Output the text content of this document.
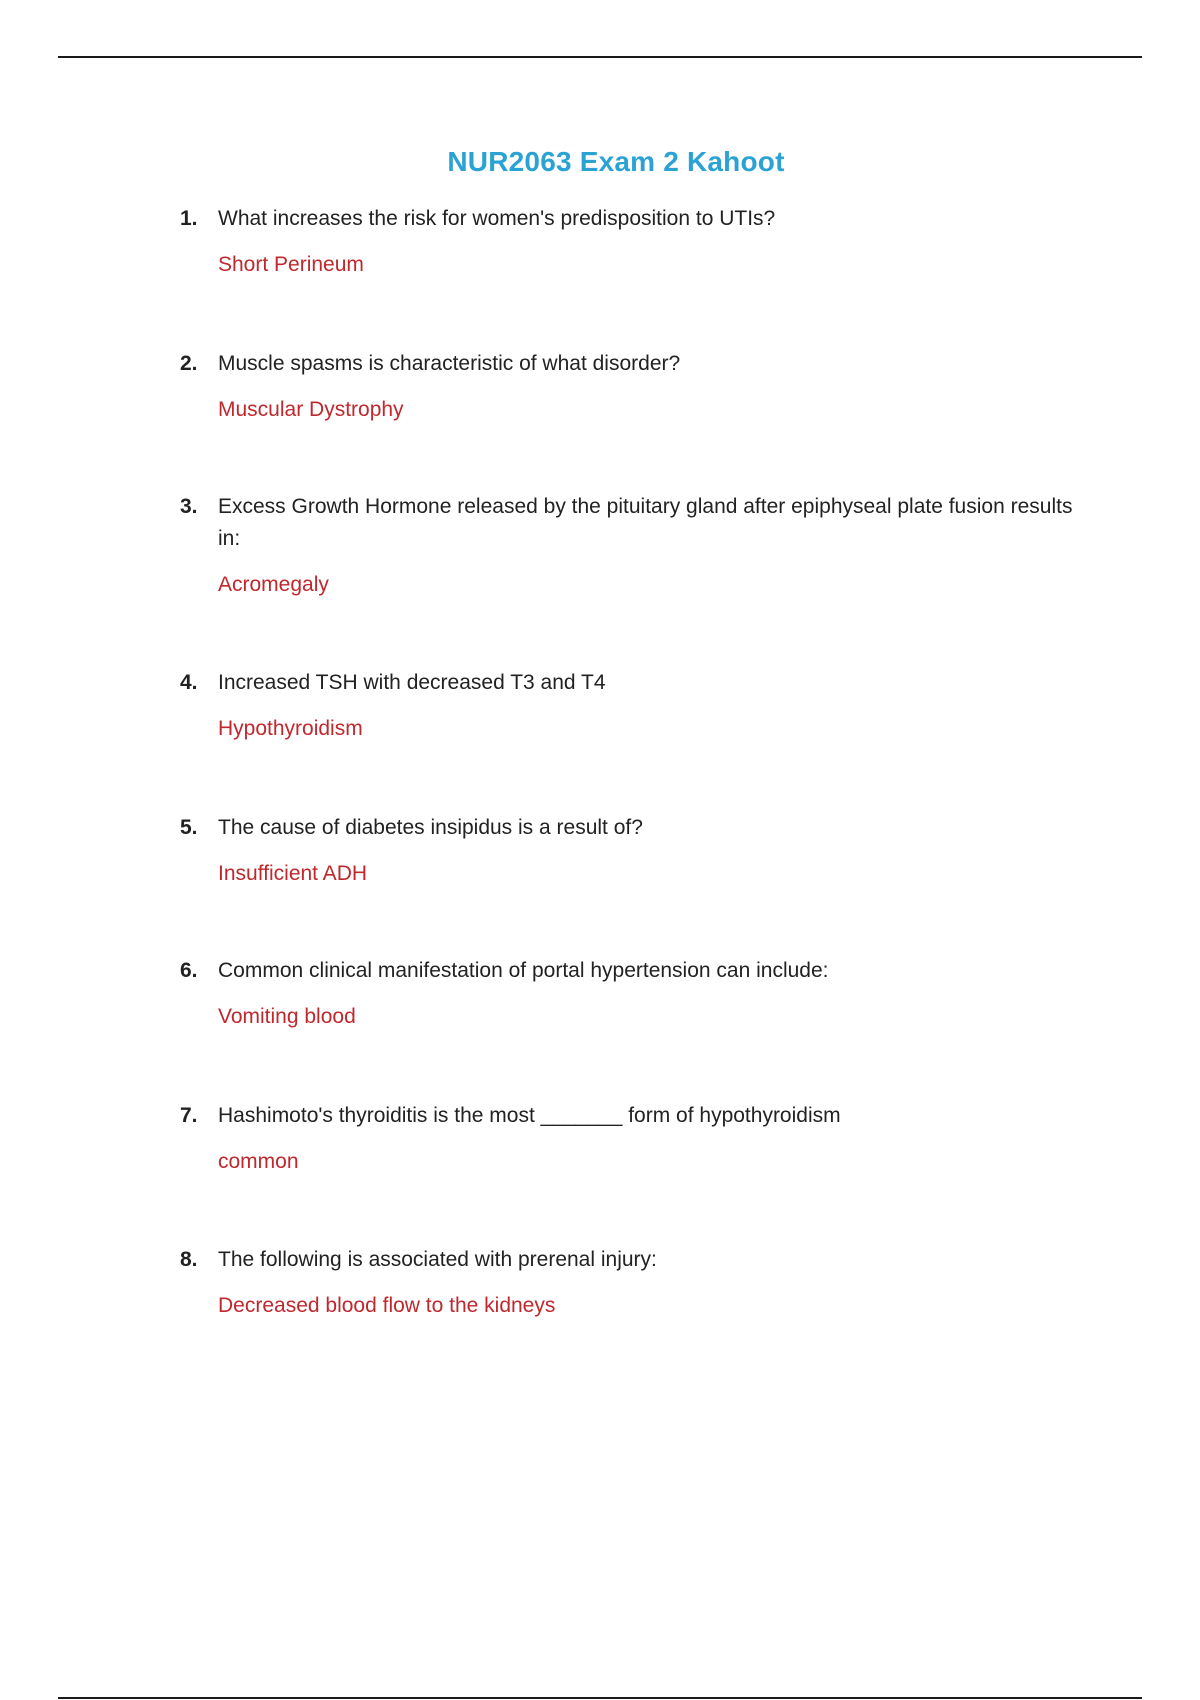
NUR2063 Exam 2 Kahoot
1. What increases the risk for women's predisposition to UTIs?
Short Perineum
2. Muscle spasms is characteristic of what disorder?
Muscular Dystrophy
3. Excess Growth Hormone released by the pituitary gland after epiphyseal plate fusion results in:
Acromegaly
4. Increased TSH with decreased T3 and T4
Hypothyroidism
5. The cause of diabetes insipidus is a result of?
Insufficient ADH
6. Common clinical manifestation of portal hypertension can include:
Vomiting blood
7. Hashimoto's thyroiditis is the most _______ form of hypothyroidism
common
8. The following is associated with prerenal injury:
Decreased blood flow to the kidneys
